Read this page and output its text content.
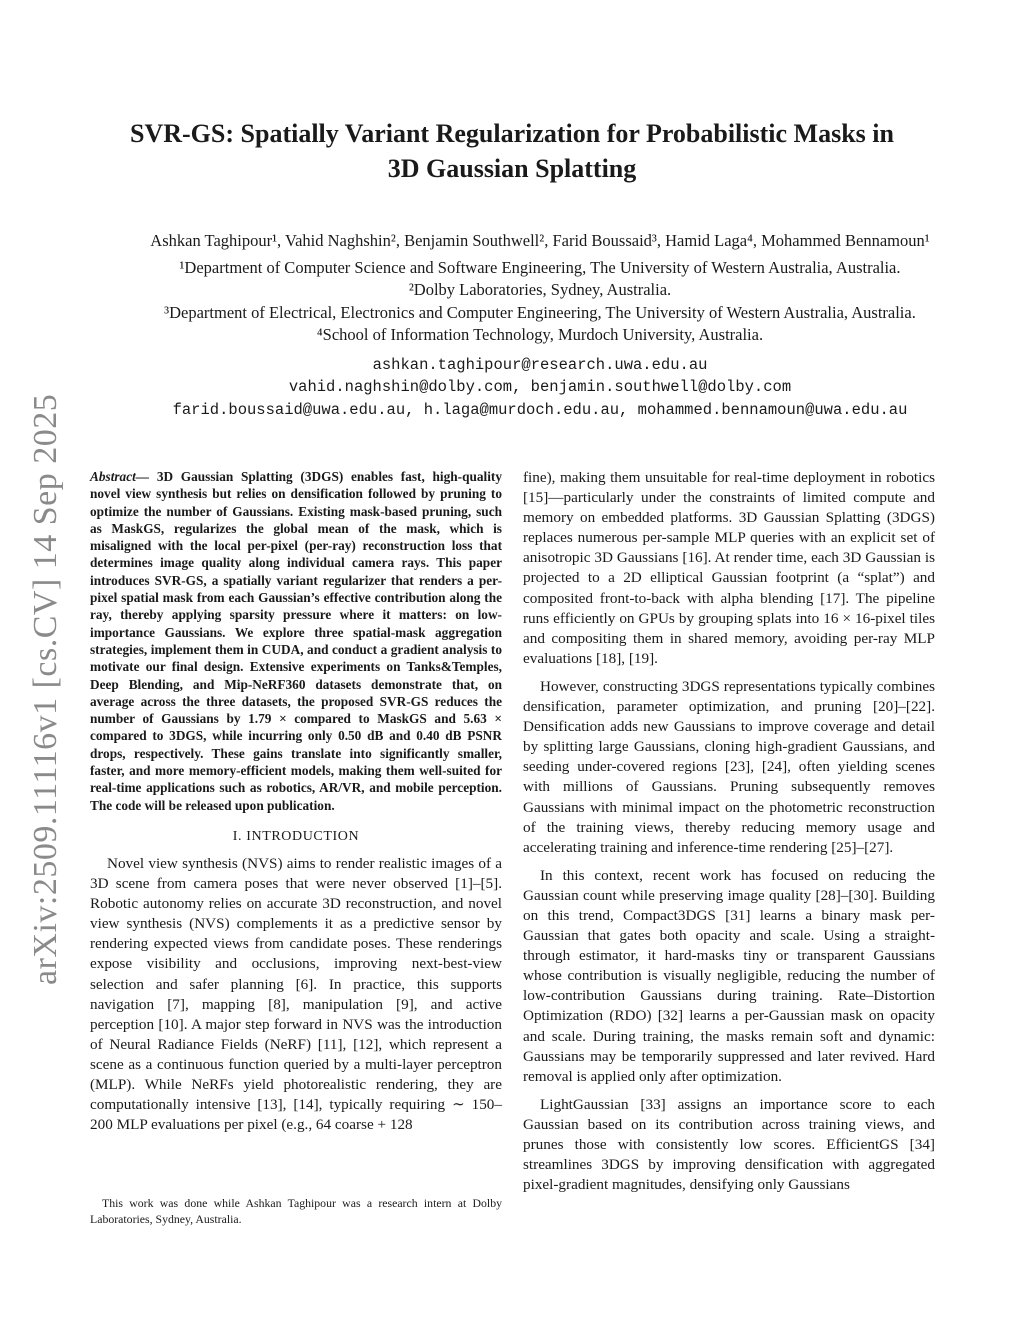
arXiv:2509.11116v1 [cs.CV] 14 Sep 2025
SVR-GS: Spatially Variant Regularization for Probabilistic Masks in
3D Gaussian Splatting
Ashkan Taghipour¹, Vahid Naghshin², Benjamin Southwell², Farid Boussaid³, Hamid Laga⁴, Mohammed Bennamoun¹
¹Department of Computer Science and Software Engineering, The University of Western Australia, Australia.
²Dolby Laboratories, Sydney, Australia.
³Department of Electrical, Electronics and Computer Engineering, The University of Western Australia, Australia.
⁴School of Information Technology, Murdoch University, Australia.
ashkan.taghipour@research.uwa.edu.au
vahid.naghshin@dolby.com, benjamin.southwell@dolby.com
farid.boussaid@uwa.edu.au, h.laga@murdoch.edu.au, mohammed.bennamoun@uwa.edu.au

Abstract— 3D Gaussian Splatting (3DGS) enables fast, high-quality novel view synthesis but relies on densification followed by pruning to optimize the number of Gaussians. Existing mask-based pruning, such as MaskGS, regularizes the global mean of the mask, which is misaligned with the local per-pixel (per-ray) reconstruction loss that determines image quality along individual camera rays. This paper introduces SVR-GS, a spatially variant regularizer that renders a per-pixel spatial mask from each Gaussian’s effective contribution along the ray, thereby applying sparsity pressure where it matters: on low-importance Gaussians. We explore three spatial-mask aggregation strategies, implement them in CUDA, and conduct a gradient analysis to motivate our final design. Extensive experiments on Tanks&Temples, Deep Blending, and Mip-NeRF360 datasets demonstrate that, on average across the three datasets, the proposed SVR-GS reduces the number of Gaussians by 1.79 × compared to MaskGS and 5.63 × compared to 3DGS, while incurring only 0.50 dB and 0.40 dB PSNR drops, respectively. These gains translate into significantly smaller, faster, and more memory-efficient models, making them well-suited for real-time applications such as robotics, AR/VR, and mobile perception. The code will be released upon publication.

I. INTRODUCTION

Novel view synthesis (NVS) aims to render realistic images of a 3D scene from camera poses that were never observed [1]–[5]. Robotic autonomy relies on accurate 3D reconstruction, and novel view synthesis (NVS) complements it as a predictive sensor by rendering expected views from candidate poses. These renderings expose visibility and occlusions, improving next-best-view selection and safer planning [6]. In practice, this supports navigation [7], mapping [8], manipulation [9], and active perception [10]. A major step forward in NVS was the introduction of Neural Radiance Fields (NeRF) [11], [12], which represent a scene as a continuous function queried by a multi-layer perceptron (MLP). While NeRFs yield photorealistic rendering, they are computationally intensive [13], [14], typically requiring ∼ 150–200 MLP evaluations per pixel (e.g., 64 coarse + 128

This work was done while Ashkan Taghipour was a research intern at Dolby Laboratories, Sydney, Australia.

fine), making them unsuitable for real-time deployment in robotics [15]—particularly under the constraints of limited compute and memory on embedded platforms. 3D Gaussian Splatting (3DGS) replaces numerous per-sample MLP queries with an explicit set of anisotropic 3D Gaussians [16]. At render time, each 3D Gaussian is projected to a 2D elliptical Gaussian footprint (a “splat”) and composited front-to-back with alpha blending [17]. The pipeline runs efficiently on GPUs by grouping splats into 16 × 16-pixel tiles and compositing them in shared memory, avoiding per-ray MLP evaluations [18], [19].

However, constructing 3DGS representations typically combines densification, parameter optimization, and pruning [20]–[22]. Densification adds new Gaussians to improve coverage and detail by splitting large Gaussians, cloning high-gradient Gaussians, and seeding under-covered regions [23], [24], often yielding scenes with millions of Gaussians. Pruning subsequently removes Gaussians with minimal impact on the photometric reconstruction of the training views, thereby reducing memory usage and accelerating training and inference-time rendering [25]–[27].

In this context, recent work has focused on reducing the Gaussian count while preserving image quality [28]–[30]. Building on this trend, Compact3DGS [31] learns a binary mask per-Gaussian that gates both opacity and scale. Using a straight-through estimator, it hard-masks tiny or transparent Gaussians whose contribution is visually negligible, reducing the number of low-contribution Gaussians during training. Rate–Distortion Optimization (RDO) [32] learns a per-Gaussian mask on opacity and scale. During training, the masks remain soft and dynamic: Gaussians may be temporarily suppressed and later revived. Hard removal is applied only after optimization.

LightGaussian [33] assigns an importance score to each Gaussian based on its contribution across training views, and prunes those with consistently low scores. EfficientGS [34] streamlines 3DGS by improving densification with aggregated pixel-gradient magnitudes, densifying only Gaussians
